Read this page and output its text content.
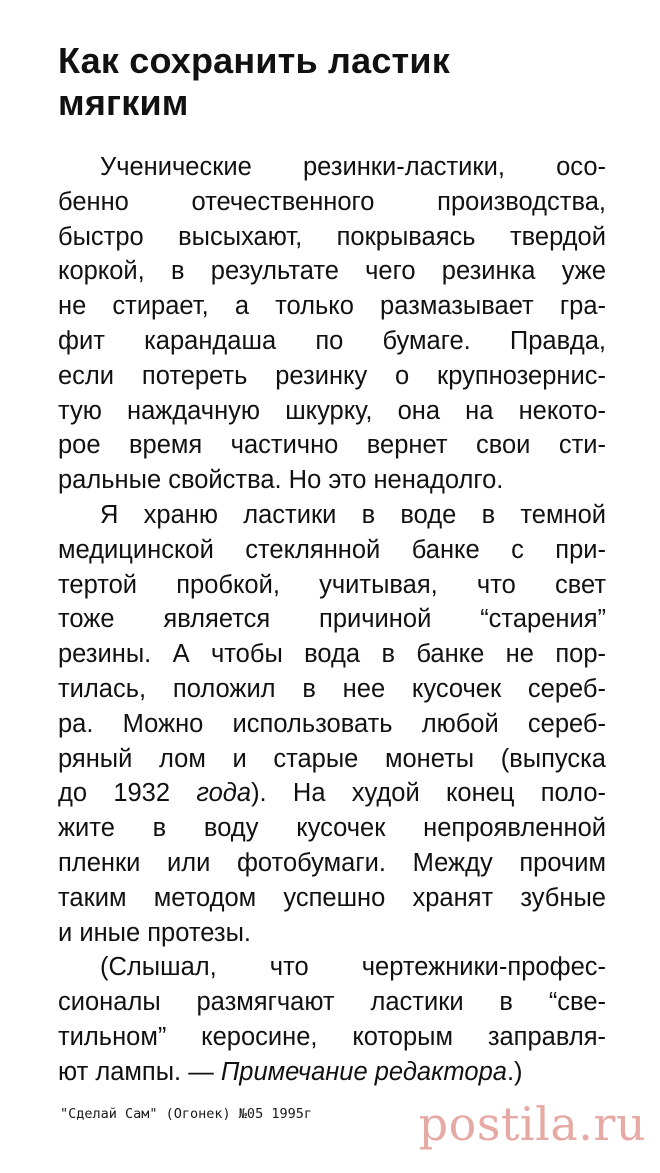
Как сохранить ластик
мягким

Ученические резинки-ластики, осо-
бенно отечественного производства,
быстро высыхают, покрываясь твердой
коркой, в результате чего резинка уже
не стирает, а только размазывает гра-
фит карандаша по бумаге. Правда,
если потереть резинку о крупнозернис-
тую наждачную шкурку, она на некото-
рое время частично вернет свои сти-
ральные свойства. Но это ненадолго.

Я храню ластики в воде в темной
медицинской стеклянной банке с при-
тертой пробкой, учитывая, что свет
тоже является причиной “старения”
резины. А чтобы вода в банке не пор-
тилась, положил в нее кусочек сереб-
ра. Можно использовать любой сереб-
ряный лом и старые монеты (выпуска
до 1932 года). На худой конец поло-
жите в воду кусочек непроявленной
пленки или фотобумаги. Между прочим
таким методом успешно хранят зубные
и иные протезы.

(Слышал, что чертежники-профес-
сионалы размягчают ластики в “све-
тильном” керосине, которым заправля-
ют лампы. — Примечание редактора.)

"Сделай Сам" (Огонек) №05 1995г postila.ru
